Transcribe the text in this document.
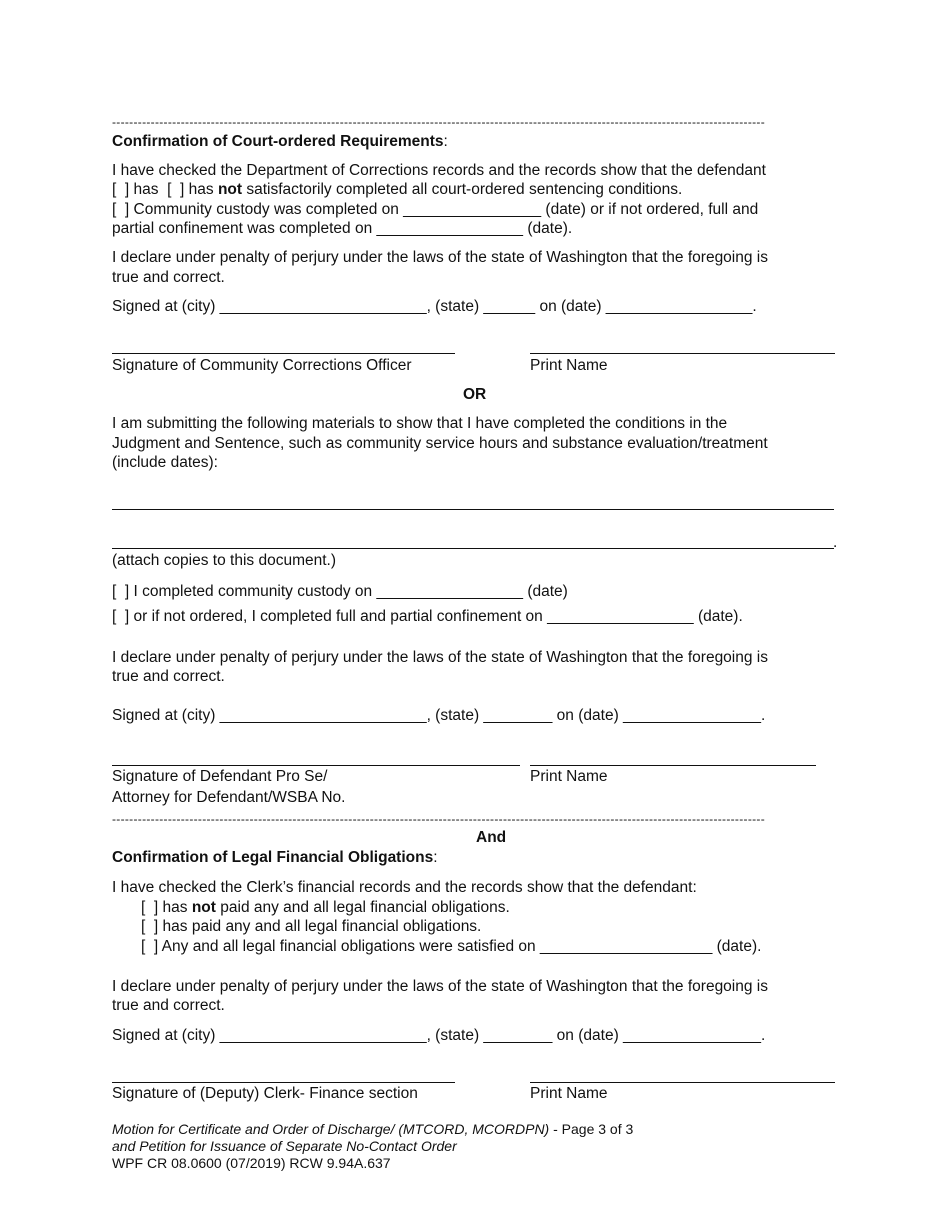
--------------------------------------------------------------------------------------------------------------------------------------------------------
Confirmation of Court-ordered Requirements:
I have checked the Department of Corrections records and the records show that the defendant
[  ] has  [  ] has not satisfactorily completed all court-ordered sentencing conditions.
[  ] Community custody was completed on ________________ (date) or if not ordered, full and
partial confinement was completed on _________________ (date).
I declare under penalty of perjury under the laws of the state of Washington that the foregoing is
true and correct.
Signed at (city) ________________________, (state) ______ on (date) _________________.
Signature of Community Corrections Officer	Print Name
OR
I am submitting the following materials to show that I have completed the conditions in the
Judgment and Sentence, such as community service hours and substance evaluation/treatment
(include dates):
.
(attach copies to this document.)
[  ] I completed community custody on _________________ (date)
[  ] or if not ordered, I completed full and partial confinement on _________________ (date).
I declare under penalty of perjury under the laws of the state of Washington that the foregoing is
true and correct.
Signed at (city) ________________________, (state) ________ on (date) ________________.
Signature of Defendant Pro Se/
Attorney for Defendant/WSBA No.
Print Name
--------------------------------------------------------------------------------------------------------------------------------------------------------
And
Confirmation of Legal Financial Obligations:
I have checked the Clerk’s financial records and the records show that the defendant:
[  ] has not paid any and all legal financial obligations.
[  ] has paid any and all legal financial obligations.
[  ] Any and all legal financial obligations were satisfied on ____________________ (date).
I declare under penalty of perjury under the laws of the state of Washington that the foregoing is
true and correct.
Signed at (city) ________________________, (state) ________ on (date) ________________.
Signature of (Deputy) Clerk- Finance section	Print Name
Motion for Certificate and Order of Discharge/ (MTCORD, MCORDPN) - Page 3 of 3
and Petition for Issuance of Separate No-Contact Order
WPF CR 08.0600 (07/2019) RCW 9.94A.637
